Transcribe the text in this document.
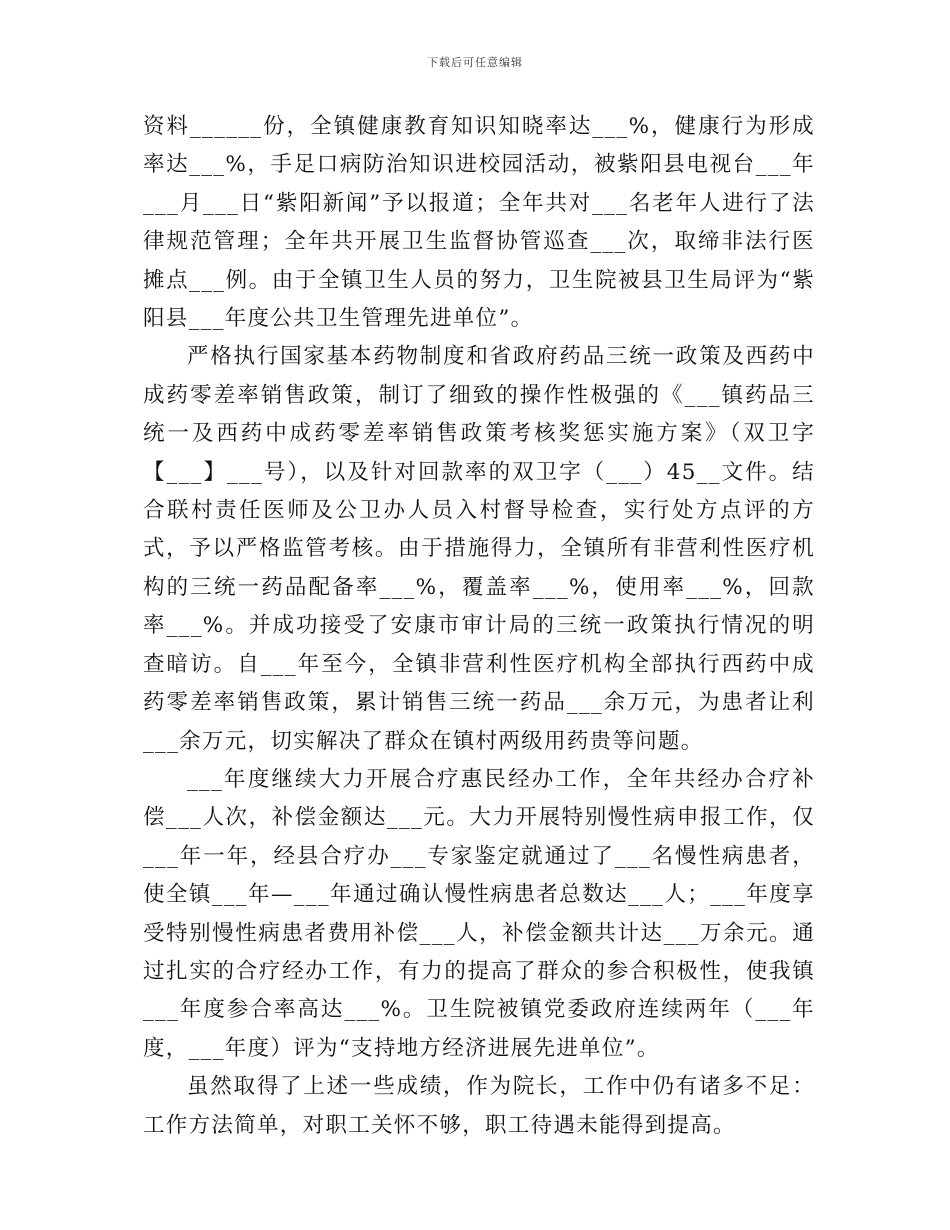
下载后可任意编辑

资料______份，全镇健康教育知识知晓率达___%，健康行为形成率达___%，手足口病防治知识进校园活动，被紫阳县电视台___年___月___日“紫阳新闻”予以报道；全年共对___名老年人进行了法律规范管理；全年共开展卫生监督协管巡查___次，取缔非法行医摊点___例。由于全镇卫生人员的努力，卫生院被县卫生局评为“紫阳县___年度公共卫生管理先进单位”。

严格执行国家基本药物制度和省政府药品三统一政策及西药中成药零差率销售政策，制订了细致的操作性极强的《___镇药品三统一及西药中成药零差率销售政策考核奖惩实施方案》（双卫字【___】___号），以及针对回款率的双卫字（___）45__文件。结合联村责任医师及公卫办人员入村督导检查，实行处方点评的方式，予以严格监管考核。由于措施得力，全镇所有非营利性医疗机构的三统一药品配备率___%，覆盖率___%，使用率___%，回款率___%。并成功接受了安康市审计局的三统一政策执行情况的明查暗访。自___年至今，全镇非营利性医疗机构全部执行西药中成药零差率销售政策，累计销售三统一药品___余万元，为患者让利___余万元，切实解决了群众在镇村两级用药贵等问题。

___年度继续大力开展合疗惠民经办工作，全年共经办合疗补偿___人次，补偿金额达___元。大力开展特别慢性病申报工作，仅___年一年，经县合疗办___专家鉴定就通过了___名慢性病患者，使全镇___年—___年通过确认慢性病患者总数达___人；___年度享受特别慢性病患者费用补偿___人，补偿金额共计达___万余元。通过扎实的合疗经办工作，有力的提高了群众的参合积极性，使我镇___年度参合率高达___%。卫生院被镇党委政府连续两年（___年度，___年度）评为“支持地方经济进展先进单位”。

虽然取得了上述一些成绩，作为院长，工作中仍有诸多不足：工作方法简单，对职工关怀不够，职工待遇未能得到提高。
